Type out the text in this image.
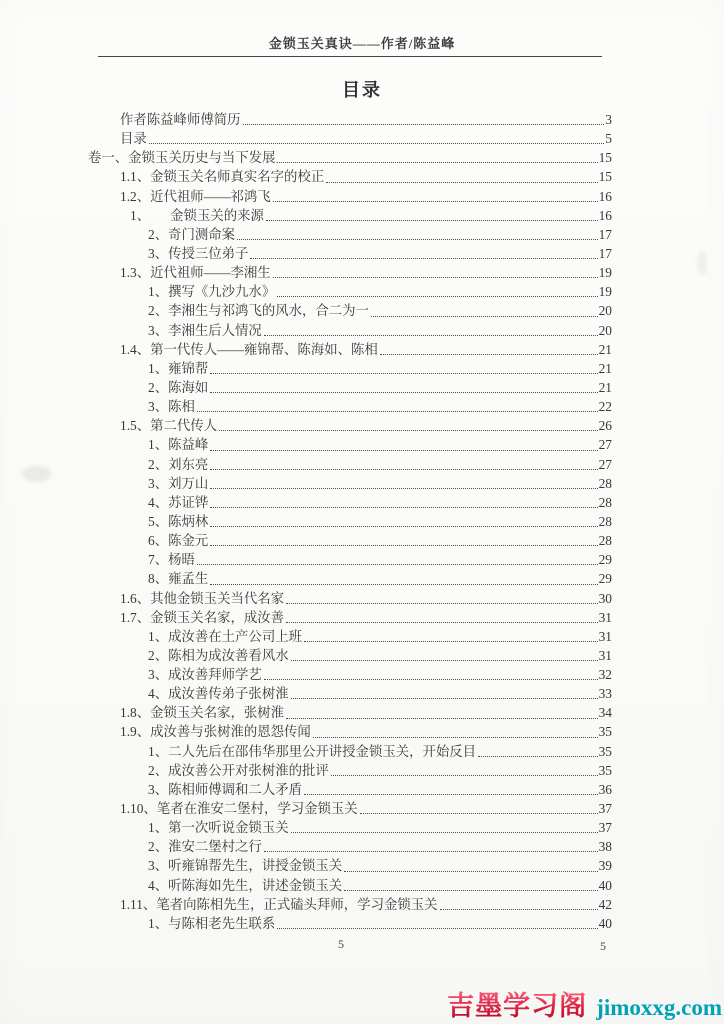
金锁玉关真诀——作者/陈益峰
目录
作者陈益峰师傅简历	3
目录	5
卷一、金锁玉关历史与当下发展	15
1.1、金锁玉关名师真实名字的校正	15
1.2、近代祖师——祁鸿飞	16
1、　　金锁玉关的来源	16
2、奇门测命案	17
3、传授三位弟子	17
1.3、近代祖师——李湘生	19
1、撰写《九沙九水》	19
2、李湘生与祁鸿飞的风水，合二为一	20
3、李湘生后人情况	20
1.4、第一代传人——雍锦帮、陈海如、陈相	21
1、雍锦帮	21
2、陈海如	21
3、陈相	22
1.5、第二代传人	26
1、陈益峰	27
2、刘东亮	27
3、刘万山	28
4、苏证铧	28
5、陈炳林	28
6、陈金元	28
7、杨晤	29
8、雍孟生	29
1.6、其他金锁玉关当代名家	30
1.7、金锁玉关名家，成汝善	31
1、成汝善在土产公司上班	31
2、陈相为成汝善看风水	31
3、成汝善拜师学艺	32
4、成汝善传弟子张树淮	33
1.8、金锁玉关名家，张树淮	34
1.9、成汝善与张树淮的恩怨传闻	35
1、二人先后在邵伟华那里公开讲授金锁玉关，开始反目	35
2、成汝善公开对张树淮的批评	35
3、陈相师傅调和二人矛盾	36
1.10、笔者在淮安二堡村，学习金锁玉关	37
1、第一次听说金锁玉关	37
2、淮安二堡村之行	38
3、听雍锦帮先生，讲授金锁玉关	39
4、听陈海如先生，讲述金锁玉关	40
1.11、笔者向陈相先生，正式磕头拜师，学习金锁玉关	42
1、与陈相老先生联系	40
5	5
吉墨学习阁 jimoxxg.com
